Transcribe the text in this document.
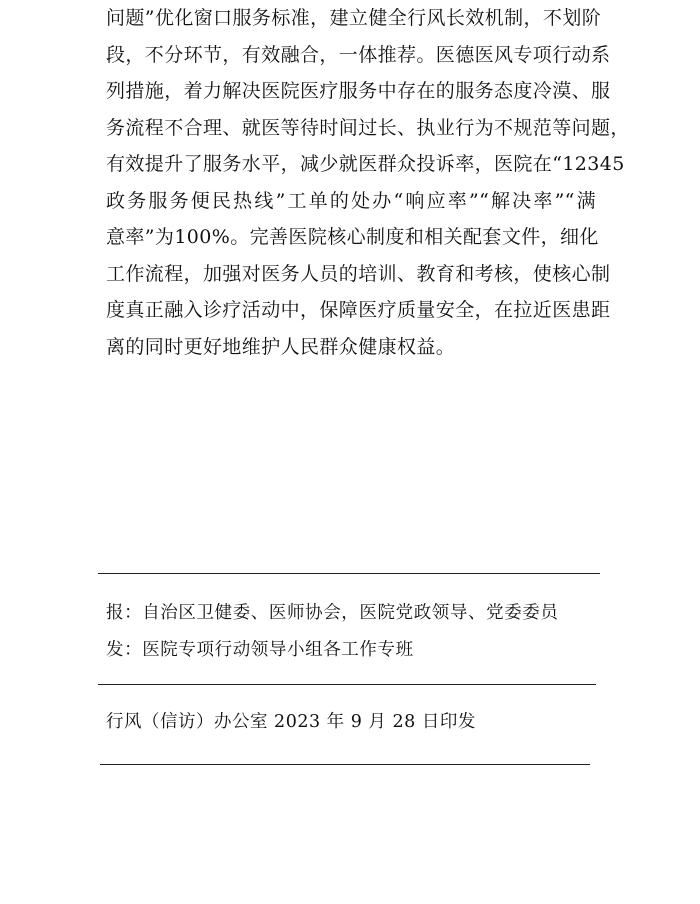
问题”优化窗口服务标准，建立健全行风长效机制，不划阶
段，不分环节，有效融合，一体推荐。医德医风专项行动系
列措施，着力解决医院医疗服务中存在的服务态度冷漠、服
务流程不合理、就医等待时间过长、执业行为不规范等问题，
有效提升了服务水平，减少就医群众投诉率，医院在“12345
政务服务便民热线”工单的处办“响应率”“解决率”“满
意率”为100%。完善医院核心制度和相关配套文件，细化
工作流程，加强对医务人员的培训、教育和考核，使核心制
度真正融入诊疗活动中，保障医疗质量安全，在拉近医患距
离的同时更好地维护人民群众健康权益。
报：自治区卫健委、医师协会，医院党政领导、党委委员
发：医院专项行动领导小组各工作专班
行风（信访）办公室 2023 年 9 月 28 日印发
